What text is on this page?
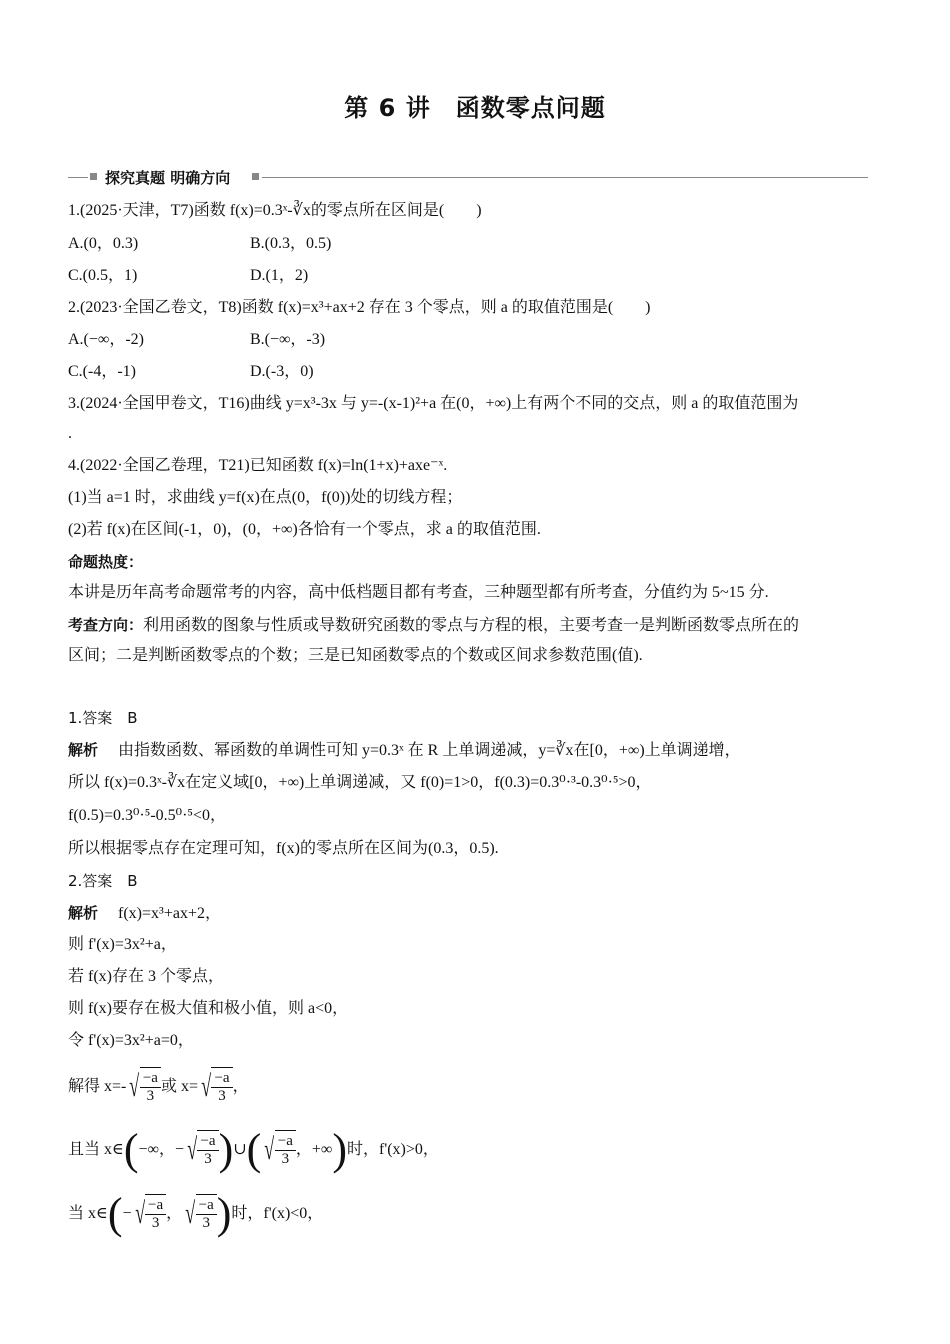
第 6 讲　函数零点问题
探究真题 明确方向
1.(2025·天津，T7)函数 f(x)=0.3ˣ-∛x的零点所在区间是(　　)
A.(0，0.3)	B.(0.3，0.5)
C.(0.5，1)	D.(1，2)
2.(2023·全国乙卷文，T8)函数 f(x)=x³+ax+2 存在 3 个零点，则 a 的取值范围是(　　)
A.(−∞，-2)	B.(−∞，-3)
C.(-4，-1)	D.(-3，0)
3.(2024·全国甲卷文，T16)曲线 y=x³-3x 与 y=-(x-1)²+a 在(0，+∞)上有两个不同的交点，则 a 的取值范围为
.
4.(2022·全国乙卷理，T21)已知函数 f(x)=ln(1+x)+axe⁻ˣ.
(1)当 a=1 时，求曲线 y=f(x)在点(0，f(0))处的切线方程；
(2)若 f(x)在区间(-1，0)，(0，+∞)各恰有一个零点，求 a 的取值范围.
命题热度：
本讲是历年高考命题常考的内容，高中低档题目都有考查，三种题型都有所考查，分值约为 5~15 分.
考查方向：利用函数的图象与性质或导数研究函数的零点与方程的根，主要考查一是判断函数零点所在的
区间；二是判断函数零点的个数；三是已知函数零点的个数或区间求参数范围(值).
1.答案　B
解析 由指数函数、幂函数的单调性可知 y=0.3ˣ 在 R 上单调递减，y=∛x在[0，+∞)上单调递增，
所以 f(x)=0.3ˣ-∛x在定义域[0，+∞)上单调递减，又 f(0)=1>0，f(0.3)=0.3⁰·³-0.3⁰·⁵>0，
f(0.5)=0.3⁰·⁵-0.5⁰·⁵<0，
所以根据零点存在定理可知，f(x)的零点所在区间为(0.3，0.5).
2.答案　B
解析 f(x)=x³+ax+2，
则 f'(x)=3x²+a，
若 f(x)存在 3 个零点，
则 f(x)要存在极大值和极小值，则 a<0，
令 f'(x)=3x²+a=0，
解得 x=- √ $\frac{-a}{3}$ 或 x= √ $\frac{-a}{3}$ ，
且当 x∈ ( −∞，− √ $\frac{-a}{3}$ ) ∪ ( √ $\frac{-a}{3}$ ，+∞ ) 时，f'(x)>0，
当 x∈ ( − √ $\frac{-a}{3}$ ， √ $\frac{-a}{3}$ ) 时，f'(x)<0，
